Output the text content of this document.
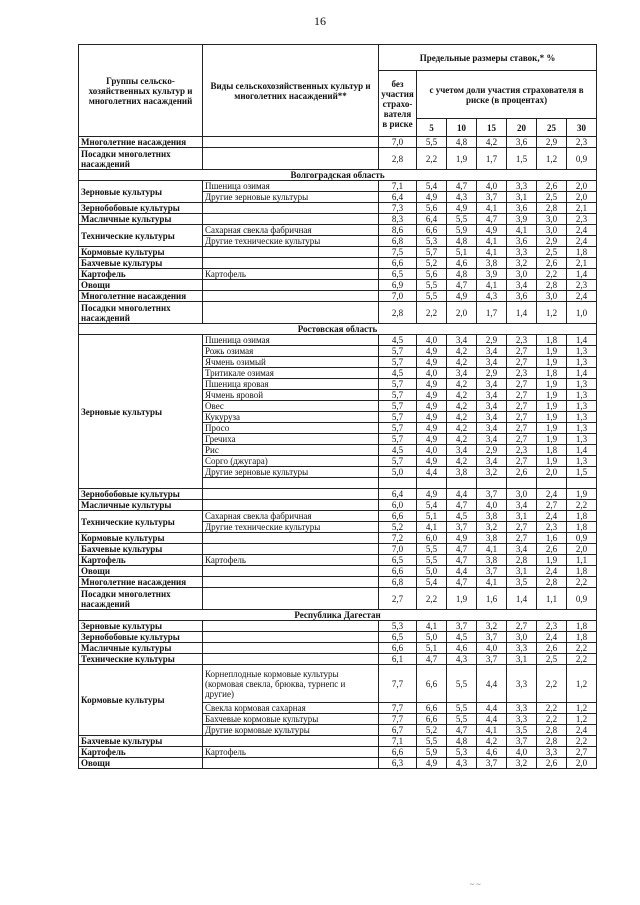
16
Группы сельско-хозяйственных культур и многолетних насаждений	Виды сельскохозяйственных культур и многолетних насаждений**	Предельные размеры ставок,* %						
		без участия страхо-вателя в риске	с учетом доли участия страхователя в риске (в процентах)					
			5	10	15	20	25	30
Многолетние насаждения		7,0	5,5	4,8	4,2	3,6	2,9	2,3
Посадки многолетних насаждений		2,8	2,2	1,9	1,7	1,5	1,2	0,9
Волгоградская область								
Зерновые культуры	Пшеница озимая	7,1	5,4	4,7	4,0	3,3	2,6	2,0
	Другие зерновые культуры	6,4	4,9	4,3	3,7	3,1	2,5	2,0
Зернобобовые культуры		7,3	5,6	4,9	4,1	3,6	2,8	2,1
Масличные культуры		8,3	6,4	5,5	4,7	3,9	3,0	2,3
Технические культуры	Сахарная свекла фабричная	8,6	6,6	5,9	4,9	4,1	3,0	2,4
	Другие технические культуры	6,8	5,3	4,8	4,1	3,6	2,9	2,4
Кормовые культуры		7,5	5,7	5,1	4,1	3,3	2,5	1,8
Бахчевые культуры		6,6	5,2	4,6	3,8	3,2	2,6	2,1
Картофель	Картофель	6,5	5,6	4,8	3,9	3,0	2,2	1,4
Овощи		6,9	5,5	4,7	4,1	3,4	2,8	2,3
Многолетние насаждения		7,0	5,5	4,9	4,3	3,6	3,0	2,4
Посадки многолетних насаждений		2,8	2,2	2,0	1,7	1,4	1,2	1,0
Ростовская область								
Зерновые культуры	Пшеница озимая	4,5	4,0	3,4	2,9	2,3	1,8	1,4
	Рожь озимая	5,7	4,9	4,2	3,4	2,7	1,9	1,3
	Ячмень озимый	5,7	4,9	4,2	3,4	2,7	1,9	1,3
	Тритикале озимая	4,5	4,0	3,4	2,9	2,3	1,8	1,4
	Пшеница яровая	5,7	4,9	4,2	3,4	2,7	1,9	1,3
	Ячмень яровой	5,7	4,9	4,2	3,4	2,7	1,9	1,3
	Овес	5,7	4,9	4,2	3,4	2,7	1,9	1,3
	Кукуруза	5,7	4,9	4,2	3,4	2,7	1,9	1,3
	Просо	5,7	4,9	4,2	3,4	2,7	1,9	1,3
	Гречиха	5,7	4,9	4,2	3,4	2,7	1,9	1,3
	Рис	4,5	4,0	3,4	2,9	2,3	1,8	1,4
	Сорго (джугара)	5,7	4,9	4,2	3,4	2,7	1,9	1,3
	Другие зерновые культуры	5,0	4,4	3,8	3,2	2,6	2,0	1,5

Зернобобовые культуры		6,4	4,9	4,4	3,7	3,0	2,4	1,9
Масличные культуры		6,0	5,4	4,7	4,0	3,4	2,7	2,2
Технические культуры	Сахарная свекла фабричная	6,6	5,1	4,5	3,8	3,1	2,4	1,8
	Другие технические культуры	5,2	4,1	3,7	3,2	2,7	2,3	1,8
Кормовые культуры		7,2	6,0	4,9	3,8	2,7	1,6	0,9
Бахчевые культуры		7,0	5,5	4,7	4,1	3,4	2,6	2,0
Картофель	Картофель	6,5	5,5	4,7	3,8	2,8	1,9	1,1
Овощи		6,6	5,0	4,4	3,7	3,1	2,4	1,8
Многолетние насаждения		6,8	5,4	4,7	4,1	3,5	2,8	2,2
Посадки многолетних насаждений		2,7	2,2	1,9	1,6	1,4	1,1	0,9
Республика Дагестан								
Зерновые культуры		5,3	4,1	3,7	3,2	2,7	2,3	1,8
Зернобобовые культуры		6,5	5,0	4,5	3,7	3,0	2,4	1,8
Масличные культуры		6,6	5,1	4,6	4,0	3,3	2,6	2,2
Технические культуры		6,1	4,7	4,3	3,7	3,1	2,5	2,2
Кормовые культуры	Корнеплодные кормовые культуры (кормовая свекла, брюква, турнепс и другие)	7,7	6,6	5,5	4,4	3,3	2,2	1,2
	Свекла кормовая сахарная	7,7	6,6	5,5	4,4	3,3	2,2	1,2
	Бахчевые кормовые культуры	7,7	6,6	5,5	4,4	3,3	2,2	1,2
	Другие кормовые культуры	6,7	5,2	4,7	4,1	3,5	2,8	2,4
Бахчевые культуры		7,1	5,5	4,8	4,2	3,7	2,8	2,2
Картофель	Картофель	6,6	5,9	5,3	4,6	4,0	3,3	2,7
Овощи		6,3	4,9	4,3	3,7	3,2	2,6	2,0
~ ~
